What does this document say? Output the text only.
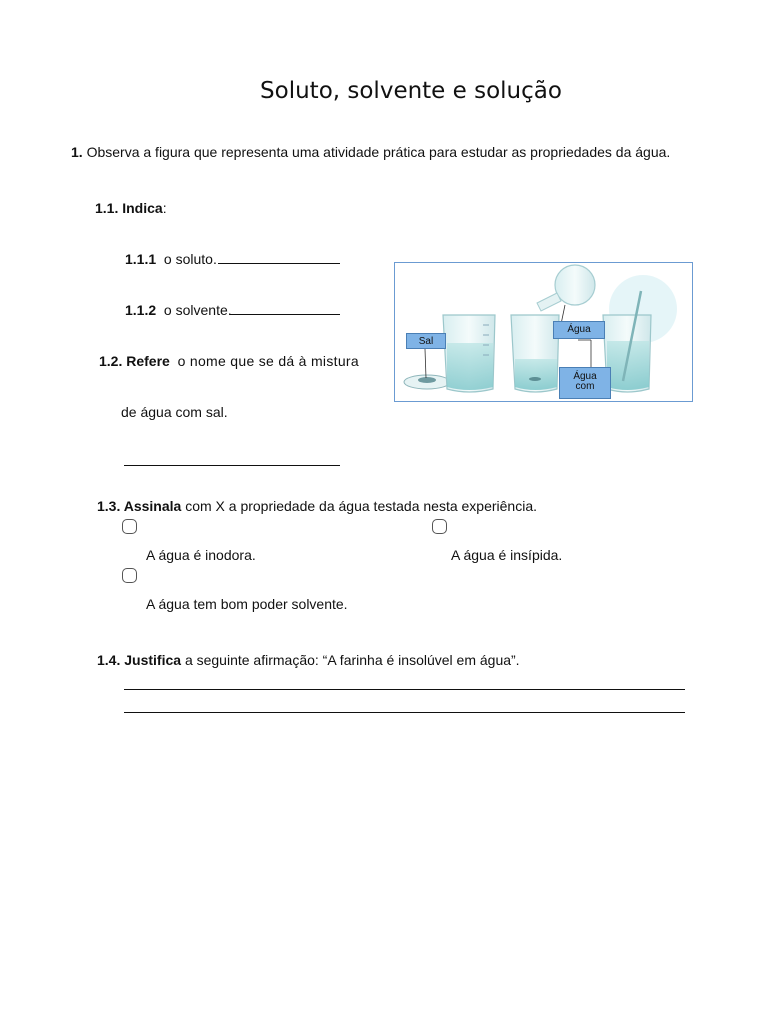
Soluto, solvente e solução
1. Observa a figura que representa uma atividade prática para estudar as propriedades da água.
1.1. Indica:
1.1.1 o soluto.
1.1.2 o solvente.
1.2. Refere o nome que se dá à mistura
de água com sal.
Sal
Água
Água
com
1.3. Assinala com X a propriedade da água testada nesta experiência.
A água é inodora.	A água é insípida.
A água tem bom poder solvente.
1.4. Justifica a seguinte afirmação: “A farinha é insolúvel em água”.
